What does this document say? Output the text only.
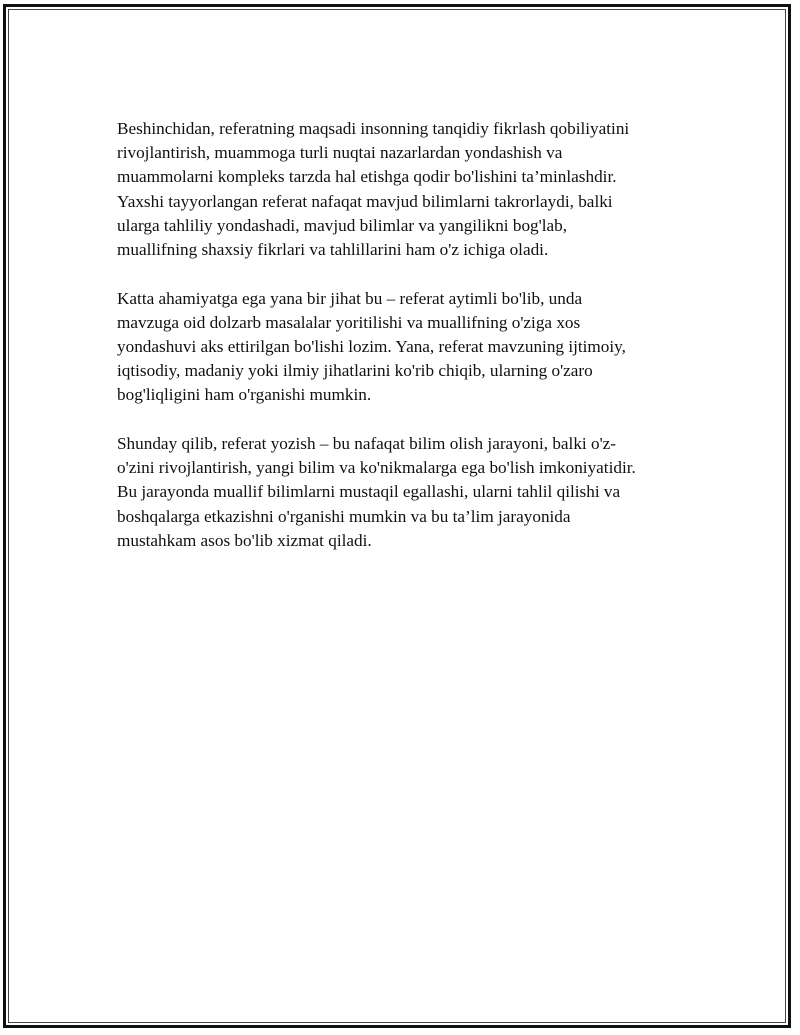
Beshinchidan, referatning maqsadi insonning tanqidiy fikrlash qobiliyatini
rivojlantirish, muammoga turli nuqtai nazarlardan yondashish va
muammolarni kompleks tarzda hal etishga qodir bo'lishini ta’minlashdir.
Yaxshi tayyorlangan referat nafaqat mavjud bilimlarni takrorlaydi, balki
ularga tahliliy yondashadi, mavjud bilimlar va yangilikni bog'lab,
muallifning shaxsiy fikrlari va tahlillarini ham o'z ichiga oladi.

Katta ahamiyatga ega yana bir jihat bu – referat aytimli bo'lib, unda
mavzuga oid dolzarb masalalar yoritilishi va muallifning o'ziga xos
yondashuvi aks ettirilgan bo'lishi lozim. Yana, referat mavzuning ijtimoiy,
iqtisodiy, madaniy yoki ilmiy jihatlarini ko'rib chiqib, ularning o'zaro
bog'liqligini ham o'rganishi mumkin.

Shunday qilib, referat yozish – bu nafaqat bilim olish jarayoni, balki o'z-
o'zini rivojlantirish, yangi bilim va ko'nikmalarga ega bo'lish imkoniyatidir.
Bu jarayonda muallif bilimlarni mustaqil egallashi, ularni tahlil qilishi va
boshqalarga etkazishni o'rganishi mumkin va bu ta’lim jarayonida
mustahkam asos bo'lib xizmat qiladi.
